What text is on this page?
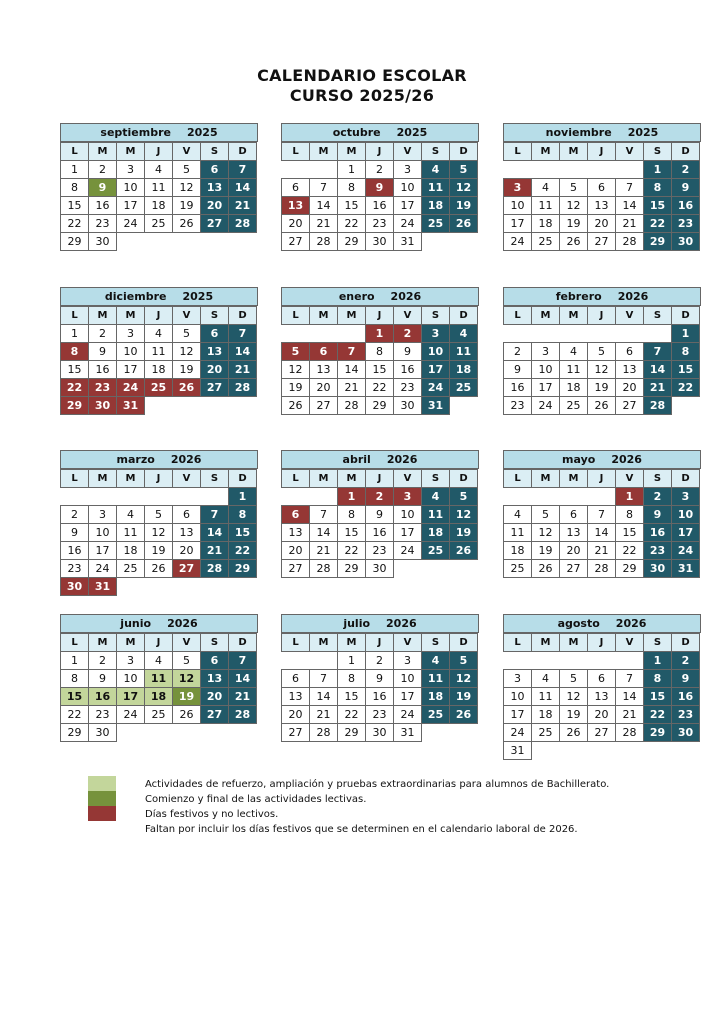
CALENDARIO ESCOLAR
CURSO 2025/26
septiembre 2025
L	M	M	J	V	S	D
1	2	3	4	5	6	7
8	9	10	11	12	13	14
15	16	17	18	19	20	21
22	23	24	25	26	27	28
29	30					
octubre 2025
L	M	M	J	V	S	D
		1	2	3	4	5
6	7	8	9	10	11	12
13	14	15	16	17	18	19
20	21	22	23	24	25	26
27	28	29	30	31		
noviembre 2025
L	M	M	J	V	S	D
					1	2
3	4	5	6	7	8	9
10	11	12	13	14	15	16
17	18	19	20	21	22	23
24	25	26	27	28	29	30
diciembre 2025
L	M	M	J	V	S	D
1	2	3	4	5	6	7
8	9	10	11	12	13	14
15	16	17	18	19	20	21
22	23	24	25	26	27	28
29	30	31				
enero 2026
L	M	M	J	V	S	D
			1	2	3	4
5	6	7	8	9	10	11
12	13	14	15	16	17	18
19	20	21	22	23	24	25
26	27	28	29	30	31	
febrero 2026
L	M	M	J	V	S	D
						1
2	3	4	5	6	7	8
9	10	11	12	13	14	15
16	17	18	19	20	21	22
23	24	25	26	27	28	
marzo 2026
L	M	M	J	V	S	D
						1
2	3	4	5	6	7	8
9	10	11	12	13	14	15
16	17	18	19	20	21	22
23	24	25	26	27	28	29
30	31					
abril 2026
L	M	M	J	V	S	D
		1	2	3	4	5
6	7	8	9	10	11	12
13	14	15	16	17	18	19
20	21	22	23	24	25	26
27	28	29	30			
mayo 2026
L	M	M	J	V	S	D
				1	2	3
4	5	6	7	8	9	10
11	12	13	14	15	16	17
18	19	20	21	22	23	24
25	26	27	28	29	30	31
junio 2026
L	M	M	J	V	S	D
1	2	3	4	5	6	7
8	9	10	11	12	13	14
15	16	17	18	19	20	21
22	23	24	25	26	27	28
29	30					
julio 2026
L	M	M	J	V	S	D
		1	2	3	4	5
6	7	8	9	10	11	12
13	14	15	16	17	18	19
20	21	22	23	24	25	26
27	28	29	30	31		
agosto 2026
L	M	M	J	V	S	D
					1	2
3	4	5	6	7	8	9
10	11	12	13	14	15	16
17	18	19	20	21	22	23
24	25	26	27	28	29	30
31						
Actividades de refuerzo, ampliación y pruebas extraordinarias para alumnos de Bachillerato.
Comienzo y final de las actividades lectivas.
Días festivos y no lectivos.
Faltan por incluir los días festivos que se determinen en el calendario laboral de 2026.
